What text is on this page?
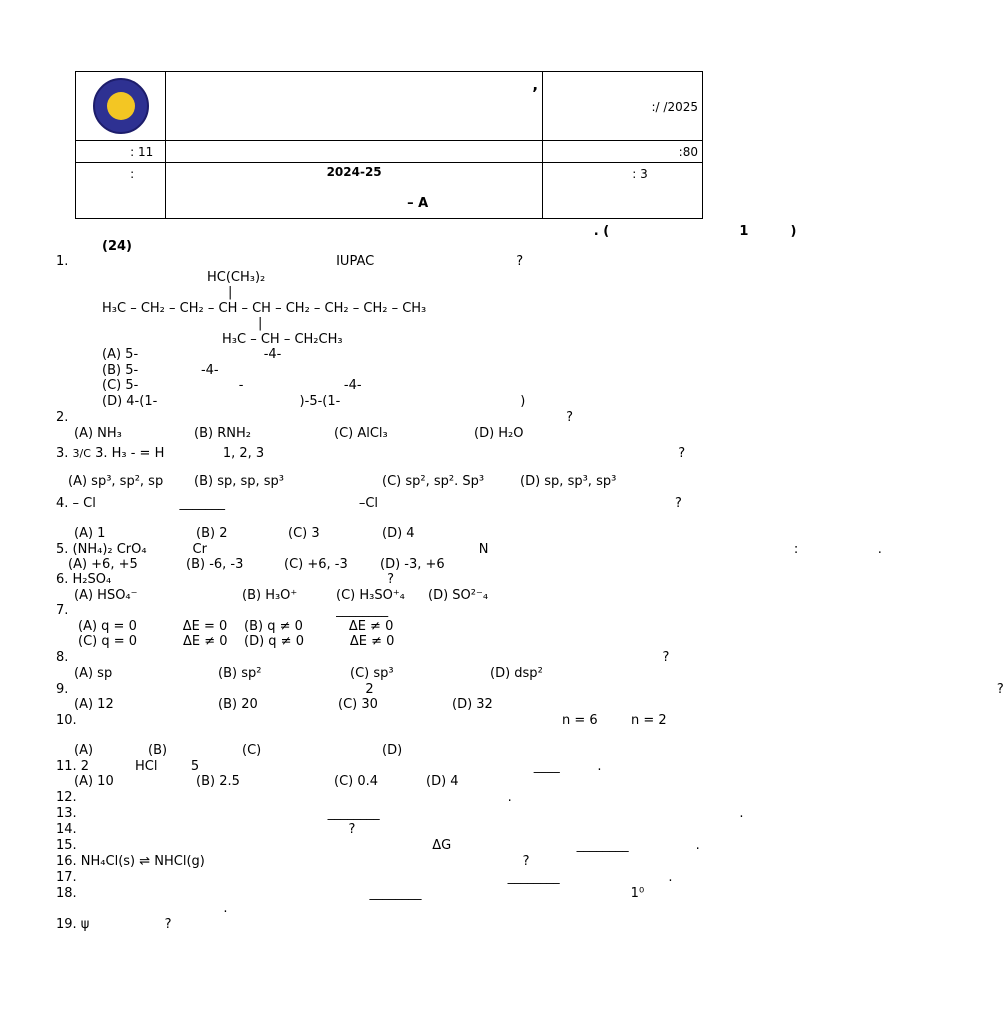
	ᅟᅟᅟᅟᅟᅟᅟᅟᅟᅟᅟᅟᅟᅟᅟᅟᅟᅟᅟᅟᅟᅟᅟᅟᅟ,
ᅟᅟᅟᅟᅟᅟ	ᅟᅟ :/ /2025
ᅟᅟᅟᅟ : 11	ᅟᅟᅟᅟᅟᅟᅟ ᅟᅟᅟᅟᅟᅟᅟᅟ	ᅟᅟᅟ:80
ᅟᅟᅟᅟ : ᅟᅟᅟᅟᅟ ᅟᅟᅟᅟᅟᅟᅟ	2024-25	ᅟᅟᅟ : 3 ᅟᅟᅟᅟ
ᅟᅟᅟᅟᅟ – A
ᅟᅟᅟᅟ ᅟᅟᅟᅟᅟ ᅟᅟᅟᅟᅟᅟᅟᅟᅟᅟ ᅟᅟᅟᅟᅟᅟ ᅟᅟᅟᅟ ᅟᅟᅟᅟᅟ ᅟᅟᅟ. (ᅟᅟᅟᅟᅟᅟᅟᅟᅟᅟ 1 ᅟᅟᅟ)
(24)
1. ᅟᅟᅟᅟᅟᅟ ᅟᅟᅟᅟᅟᅟᅟᅟᅟ ᅟᅟᅟᅟᅟ IUPAC ᅟᅟᅟ ᅟᅟᅟᅟᅟ ᅟᅟ ?
HC(CH₃)₂
|
H₃C – CH₂ – CH₂ – CH – CH – CH₂ – CH₂ – CH₂ – CH₃
|
H₃C – CH – CH₂CH₃
(A) 5-ᅟᅟᅟᅟᅟᅟᅟᅟᅟᅟ-4-ᅟᅟᅟᅟᅟᅟᅟᅟᅟᅟᅟᅟᅟᅟᅟ ᅟᅟᅟᅟᅟᅟ
(B) 5-ᅟᅟᅟᅟᅟ-4-ᅟᅟᅟᅟᅟᅟᅟᅟ ᅟᅟᅟᅟᅟ
(C) 5-ᅟᅟᅟᅟᅟᅟᅟᅟ-ᅟᅟᅟᅟᅟᅟᅟᅟ-4- ᅟᅟᅟᅟᅟᅟᅟᅟᅟᅟᅟᅟᅟ ᅟᅟᅟᅟᅟᅟ
(D) 4-(1-ᅟᅟᅟᅟᅟᅟ ᅟᅟᅟᅟᅟ)-5-(1-ᅟᅟᅟᅟᅟᅟ ᅟᅟᅟᅟᅟᅟᅟᅟ) ᅟᅟᅟᅟᅟᅟ
2. ᅟᅟᅟᅟᅟᅟᅟ ᅟᅟᅟᅟᅟ ᅟᅟᅟ ᅟᅟᅟᅟᅟᅟ ᅟᅟᅟ ᅟᅟᅟᅟᅟ ᅟᅟᅟᅟᅟ ᅟᅟᅟ?
(A) NH₃	(B) RNH₂	(C) AlCl₃	(D) H₂O
3. 3/C 3. H₃ - = H ᅟᅟᅟᅟ 1, 2, 3 ᅟᅟᅟᅟᅟᅟᅟᅟᅟᅟᅟ ᅟᅟᅟᅟᅟᅟᅟᅟ ᅟᅟᅟᅟᅟᅟᅟ ᅟᅟᅟ ᅟᅟ ?
(A) sp³, sp², sp (B) sp, sp, sp³	(C) sp², sp². Sp³	(D) sp, sp³, sp³
4. – Cl ᅟᅟᅟᅟᅟᅟ _______ᅟᅟᅟᅟᅟᅟᅟ ᅟᅟᅟ –Cl ᅟᅟ ᅟᅟᅟᅟᅟᅟᅟ ᅟᅟᅟ ᅟᅟᅟᅟᅟᅟᅟ ᅟᅟᅟ?
(A) 1	(B) 2	(C) 3	(D) 4
5. (NH₄)₂ CrO₄ ᅟᅟᅟ Cr ᅟᅟ ᅟᅟᅟᅟᅟᅟᅟᅟᅟᅟᅟᅟ ᅟᅟᅟ ᅟᅟᅟ N ᅟᅟ ᅟᅟᅟᅟᅟᅟᅟᅟᅟᅟᅟᅟ ᅟᅟᅟ ᅟᅟᅟᅟᅟᅟ: ᅟᅟᅟᅟᅟᅟ.
(A) +6, +5	(B) -6, -3	(C) +6, -3 (D) -3, +6
6. H₂SO₄ ᅟᅟ ᅟᅟᅟᅟᅟᅟᅟᅟ ᅟᅟᅟᅟᅟ ᅟᅟᅟ ᅟᅟ ?
(A) HSO₄⁻	(B) H₃O⁺	(C) H₃SO⁺₄ (D) SO²⁻₄
7. ᅟᅟᅟᅟᅟᅟᅟ ᅟᅟᅟᅟᅟᅟᅟᅟᅟ ᅟᅟᅟᅟ ________
(A) q = 0 ᅟᅟᅟ ΔE = 0 (B) q ≠ 0 ᅟᅟᅟ ΔE ≠ 0
(C) q = 0 ᅟᅟᅟ ΔE ≠ 0 (D) q ≠ 0 ᅟᅟᅟ ΔE ≠ 0
8. ᅟᅟᅟᅟᅟᅟᅟᅟᅟᅟᅟᅟᅟᅟ ᅟᅟᅟ ᅟᅟᅟᅟᅟᅟᅟᅟᅟᅟ ᅟᅟᅟᅟᅟᅟᅟ ᅟᅟᅟᅟᅟᅟᅟᅟ ᅟᅟᅟ ?
(A) sp	(B) sp²	(C) sp³	(D) dsp²
9. ᅟᅟ ᅟᅟᅟᅟᅟᅟᅟ ᅟᅟᅟᅟ ᅟᅟᅟᅟᅟᅟᅟᅟᅟ 2 ᅟᅟᅟᅟᅟᅟᅟᅟᅟᅟᅟᅟᅟ ᅟᅟᅟ ᅟᅟᅟᅟ ᅟᅟᅟᅟᅟᅟᅟᅟᅟᅟᅟ ᅟᅟᅟᅟᅟᅟᅟᅟ ᅟᅟᅟᅟᅟ ᅟᅟᅟ ?
(A) 12	(B) 20	(C) 30	(D) 32
10. ᅟᅟᅟᅟᅟᅟᅟᅟᅟ ᅟᅟᅟᅟᅟᅟᅟᅟᅟᅟ ᅟᅟᅟᅟᅟᅟᅟᅟᅟᅟᅟ ᅟᅟᅟᅟᅟᅟᅟ n = 6 ᅟᅟ n = 2 ᅟᅟᅟᅟ ᅟᅟᅟ ᅟᅟ ᅟᅟ ᅟᅟᅟᅟᅟᅟ ᅟᅟ
ᅟᅟᅟᅟᅟᅟᅟᅟᅟ ᅟᅟᅟ
(A) ᅟᅟᅟᅟᅟᅟ(B) ᅟᅟᅟᅟᅟ (C) ᅟᅟᅟᅟᅟᅟᅟᅟᅟᅟ(D) ᅟᅟᅟᅟᅟᅟ
11. 2 ᅟᅟᅟ HCl ᅟᅟ 5 ᅟᅟᅟᅟ ᅟᅟᅟᅟ ᅟᅟᅟᅟᅟᅟᅟᅟᅟ ᅟᅟᅟᅟᅟᅟᅟᅟ ____ᅟᅟᅟ.
(A) 10	(B) 2.5	(C) 0.4	(D) 4
12. ᅟᅟᅟᅟᅟᅟᅟᅟᅟᅟᅟᅟᅟᅟᅟ ᅟᅟᅟᅟᅟᅟᅟᅟ ᅟᅟᅟᅟᅟᅟᅟ ᅟᅟᅟ.
13. ᅟᅟᅟᅟᅟᅟᅟᅟᅟ ᅟᅟᅟᅟᅟᅟᅟᅟᅟᅟ ________ᅟᅟ ᅟᅟᅟᅟᅟ ᅟᅟᅟᅟᅟᅟᅟᅟ ᅟᅟᅟᅟᅟ ᅟᅟᅟᅟᅟ ᅟᅟ.
14. ᅟᅟᅟᅟᅟᅟ ᅟᅟᅟᅟᅟᅟᅟ ᅟᅟᅟᅟ ᅟᅟᅟ ?
15. ᅟᅟᅟᅟᅟᅟᅟᅟᅟᅟᅟᅟᅟ ᅟᅟᅟᅟᅟᅟᅟᅟᅟᅟ ᅟᅟᅟᅟ ΔG ᅟᅟᅟ ᅟᅟᅟᅟᅟᅟ ________ᅟᅟᅟ ᅟᅟ.
16. NH₄Cl(s) ⇌ NHCl(g) ᅟ ᅟᅟᅟᅟᅟᅟ ᅟᅟ ᅟᅟᅟᅟᅟ ᅟᅟᅟᅟᅟᅟᅟ ᅟᅟ ?
17. ᅟᅟᅟᅟᅟᅟᅟᅟᅟᅟᅟᅟᅟᅟᅟᅟᅟᅟᅟ ᅟᅟᅟᅟ ᅟᅟᅟᅟᅟᅟᅟᅟᅟᅟ ________ᅟᅟ ᅟᅟᅟᅟ ᅟᅟ.
18. ᅟᅟᅟᅟᅟᅟᅟ ᅟᅟᅟᅟᅟᅟᅟᅟᅟᅟᅟ ᅟᅟᅟᅟ ________ᅟᅟᅟᅟᅟᅟᅟᅟᅟᅟ ᅟᅟᅟᅟᅟᅟ 1⁰ ᅟᅟ ᅟᅟᅟᅟᅟᅟᅟ ᅟᅟᅟᅟᅟᅟᅟ ᅟᅟᅟᅟᅟ
ᅟᅟᅟᅟᅟᅟᅟ ᅟᅟᅟᅟᅟᅟ.
19. ψ ᅟᅟᅟ ᅟᅟ ?
